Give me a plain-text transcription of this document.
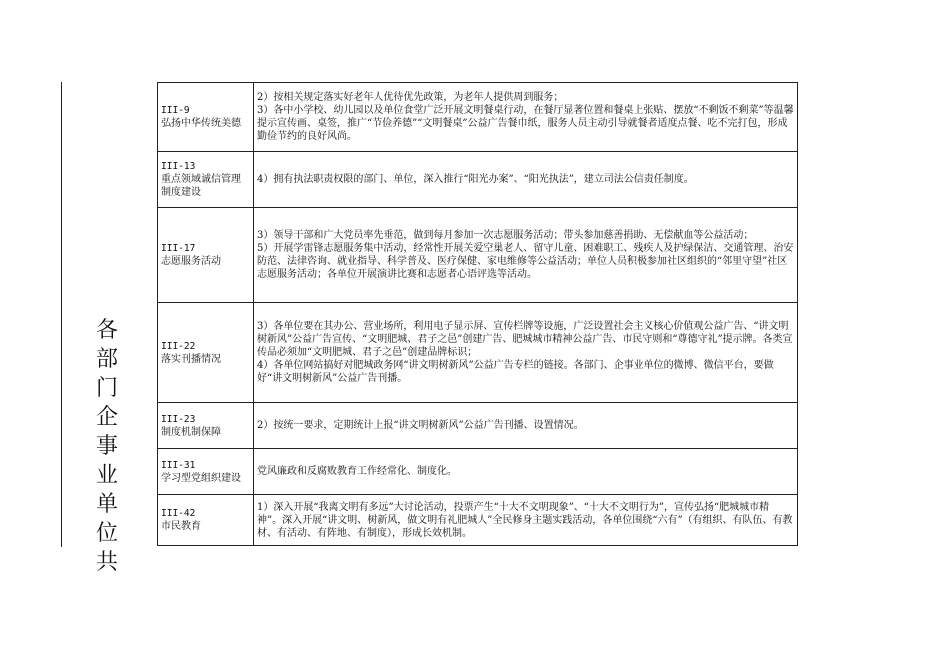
各
部
门
企
事
业
单
位
共
III-9
弘扬中华传统美德	2）按相关规定落实好老年人优待优先政策，为老年人提供周到服务；
3）各中小学校、幼儿园以及单位食堂广泛开展文明餐桌行动，在餐厅显著位置和餐桌上张贴、摆放“不剩饭不剩菜”等温馨提示宣传画、桌签，推广“节俭养德”“文明餐桌”公益广告餐巾纸，服务人员主动引导就餐者适度点餐、吃不完打包，形成勤俭节约的良好风尚。

III-13
重点领域诚信管理制度建设	4）拥有执法职责权限的部门、单位，深入推行“阳光办案”、“阳光执法”，建立司法公信责任制度。

III-17
志愿服务活动	3）领导干部和广大党员率先垂范，做到每月参加一次志愿服务活动；带头参加慈善捐助、无偿献血等公益活动；
5）开展学雷锋志愿服务集中活动，经常性开展关爱空巢老人、留守儿童、困难职工、残疾人及护绿保洁、交通管理、治安防范、法律咨询、就业指导、科学普及、医疗保健、家电维修等公益活动；单位人员积极参加社区组织的“邻里守望”社区志愿服务活动；各单位开展演讲比赛和志愿者心语评选等活动。

III-22
落实刊播情况	3）各单位要在其办公、营业场所，利用电子显示屏、宣传栏牌等设施，广泛设置社会主义核心价值观公益广告、“讲文明树新风”公益广告宣传、“文明肥城、君子之邑”创建广告、肥城城市精神公益广告、市民守则和“尊德守礼”提示牌。各类宣传品必须加“文明肥城、君子之邑”创建品牌标识；
4）各单位网站搞好对肥城政务网“讲文明树新风”公益广告专栏的链接。各部门、企事业单位的微博、微信平台，要做好“讲文明树新风”公益广告刊播。

III-23
制度机制保障	2）按统一要求，定期统计上报“讲文明树新风”公益广告刊播、设置情况。

III-31
学习型党组织建设	党风廉政和反腐败教育工作经常化、制度化。

III-42
市民教育	1）深入开展“我离文明有多远”大讨论活动，投票产生“十大不文明现象”、“十大不文明行为”，宣传弘扬“肥城城市精神”。深入开展“讲文明、树新风，做文明有礼肥城人”全民修身主题实践活动，各单位围绕“六有”（有组织、有队伍、有教材、有活动、有阵地、有制度），形成长效机制。
